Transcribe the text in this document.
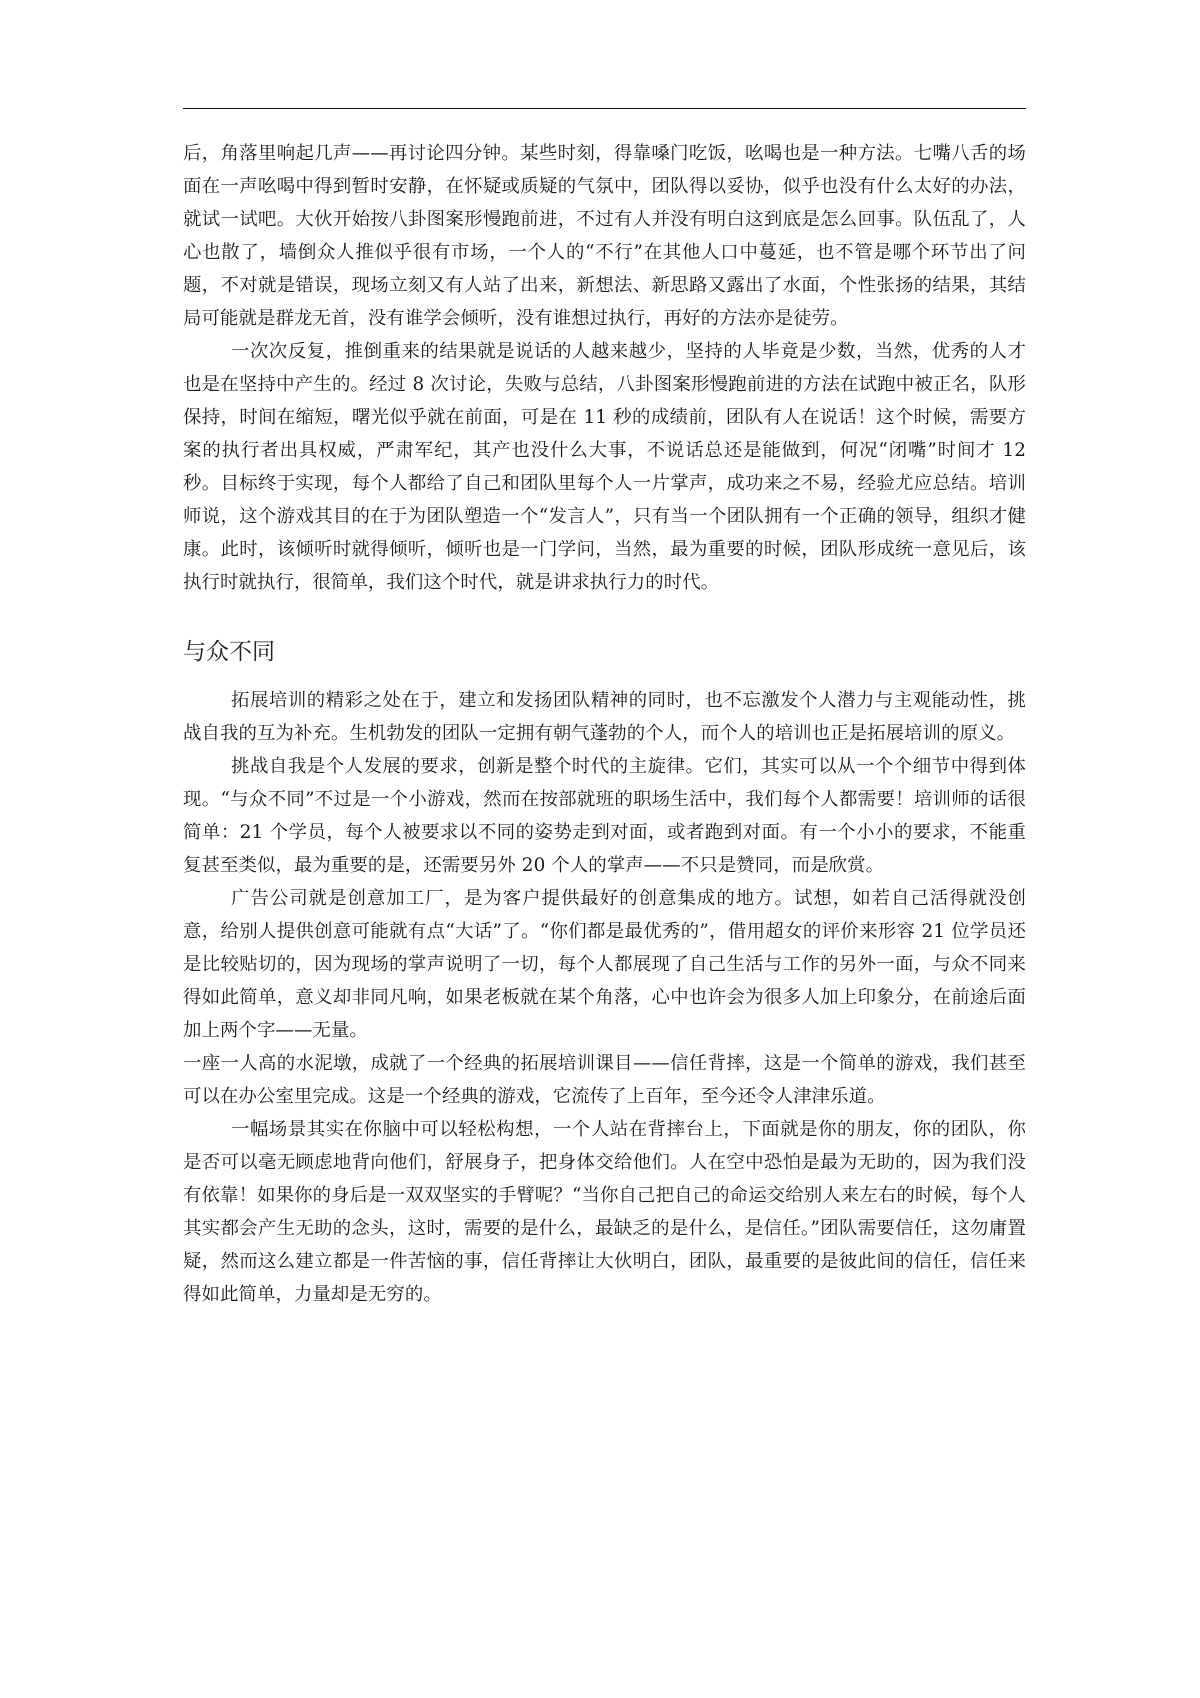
后，角落里响起几声——再讨论四分钟。某些时刻，得靠嗓门吃饭，吆喝也是一种方法。七嘴八舌的场面在一声吆喝中得到暂时安静，在怀疑或质疑的气氛中，团队得以妥协，似乎也没有什么太好的办法，就试一试吧。大伙开始按八卦图案形慢跑前进，不过有人并没有明白这到底是怎么回事。队伍乱了，人心也散了，墙倒众人推似乎很有市场，一个人的“不行”在其他人口中蔓延，也不管是哪个环节出了问题，不对就是错误，现场立刻又有人站了出来，新想法、新思路又露出了水面，个性张扬的结果，其结局可能就是群龙无首，没有谁学会倾听，没有谁想过执行，再好的方法亦是徒劳。

一次次反复，推倒重来的结果就是说话的人越来越少，坚持的人毕竟是少数，当然，优秀的人才也是在坚持中产生的。经过 8 次讨论，失败与总结，八卦图案形慢跑前进的方法在试跑中被正名，队形保持，时间在缩短，曙光似乎就在前面，可是在 11 秒的成绩前，团队有人在说话！这个时候，需要方案的执行者出具权威，严肃军纪，其产也没什么大事，不说话总还是能做到，何况“闭嘴”时间才 12 秒。目标终于实现，每个人都给了自己和团队里每个人一片掌声，成功来之不易，经验尤应总结。培训师说，这个游戏其目的在于为团队塑造一个“发言人”，只有当一个团队拥有一个正确的领导，组织才健康。此时，该倾听时就得倾听，倾听也是一门学问，当然，最为重要的时候，团队形成统一意见后，该执行时就执行，很简单，我们这个时代，就是讲求执行力的时代。

与众不同

拓展培训的精彩之处在于，建立和发扬团队精神的同时，也不忘激发个人潜力与主观能动性，挑战自我的互为补充。生机勃发的团队一定拥有朝气蓬勃的个人，而个人的培训也正是拓展培训的原义。

挑战自我是个人发展的要求，创新是整个时代的主旋律。它们，其实可以从一个个细节中得到体现。“与众不同”不过是一个小游戏，然而在按部就班的职场生活中，我们每个人都需要！培训师的话很简单：21 个学员，每个人被要求以不同的姿势走到对面，或者跑到对面。有一个小小的要求，不能重复甚至类似，最为重要的是，还需要另外 20 个人的掌声——不只是赞同，而是欣赏。

广告公司就是创意加工厂，是为客户提供最好的创意集成的地方。试想，如若自己活得就没创意，给别人提供创意可能就有点“大话”了。“你们都是最优秀的”，借用超女的评价来形容 21 位学员还是比较贴切的，因为现场的掌声说明了一切，每个人都展现了自己生活与工作的另外一面，与众不同来得如此简单，意义却非同凡响，如果老板就在某个角落，心中也许会为很多人加上印象分，在前途后面加上两个字——无量。

一座一人高的水泥墩，成就了一个经典的拓展培训课目——信任背摔，这是一个简单的游戏，我们甚至可以在办公室里完成。这是一个经典的游戏，它流传了上百年，至今还令人津津乐道。

一幅场景其实在你脑中可以轻松构想，一个人站在背摔台上，下面就是你的朋友，你的团队，你是否可以毫无顾虑地背向他们，舒展身子，把身体交给他们。人在空中恐怕是最为无助的，因为我们没有依靠！如果你的身后是一双双坚实的手臂呢？“当你自己把自己的命运交给别人来左右的时候，每个人其实都会产生无助的念头，这时，需要的是什么，最缺乏的是什么，是信任。”团队需要信任，这勿庸置疑，然而这么建立都是一件苦恼的事，信任背摔让大伙明白，团队，最重要的是彼此间的信任，信任来得如此简单，力量却是无穷的。
